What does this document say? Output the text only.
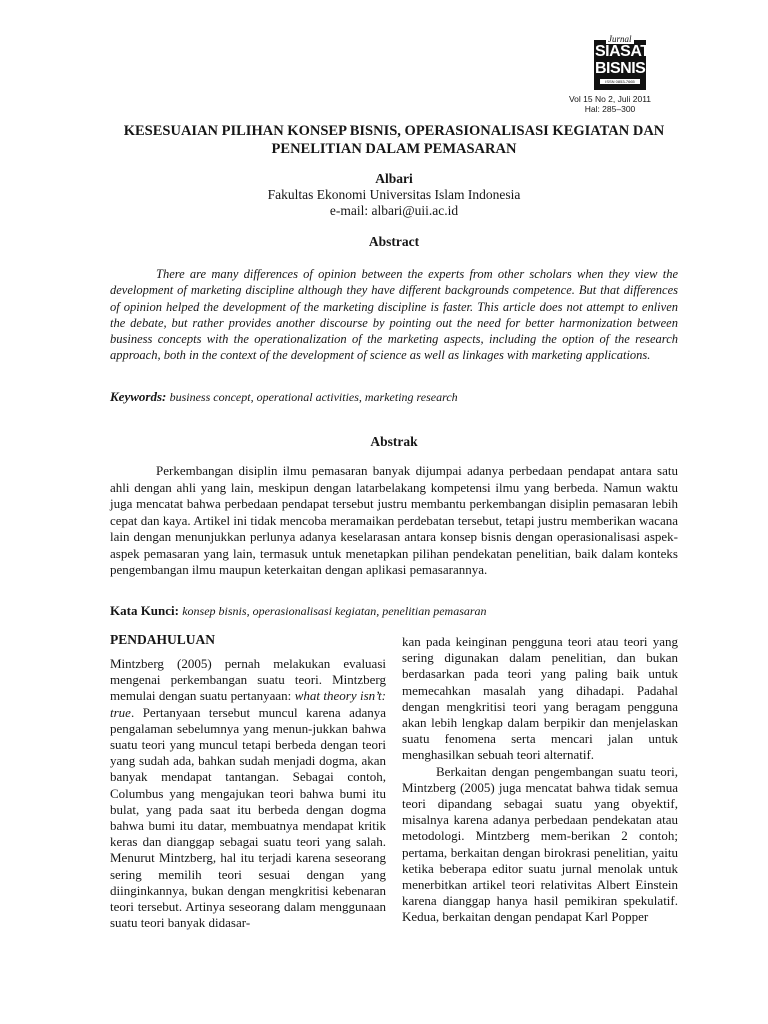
Jurnal
SIASAT
BISNIS
ISSN 0853-7665
Vol 15 No 2, Juli 2011
Hal: 285–300
KESESUAIAN PILIHAN KONSEP BISNIS, OPERASIONALISASI KEGIATAN DAN PENELITIAN DALAM PEMASARAN
Albari
Fakultas Ekonomi Universitas Islam Indonesia
e-mail: albari@uii.ac.id
Abstract

There are many differences of opinion between the experts from other scholars when they view the development of marketing discipline although they have different backgrounds competence. But that differences of opinion helped the development of the marketing discipline is faster. This article does not attempt to enliven the debate, but rather provides another discourse by pointing out the need for better harmonization between business concepts with the operationalization of the marketing aspects, including the option of the research approach, both in the context of the development of science as well as linkages with marketing applications.

Keywords: business concept, operational activities, marketing research
Abstrak

Perkembangan disiplin ilmu pemasaran banyak dijumpai adanya perbedaan pendapat antara satu ahli dengan ahli yang lain, meskipun dengan latarbelakang kompetensi ilmu yang berbeda. Namun waktu juga mencatat bahwa perbedaan pendapat tersebut justru membantu perkembangan disiplin pemasaran lebih cepat dan kaya. Artikel ini tidak mencoba meramaikan perdebatan tersebut, tetapi justru memberikan wacana lain dengan menunjukkan perlunya adanya keselarasan antara konsep bisnis dengan operasionalisasi aspek-aspek pemasaran yang lain, termasuk untuk menetapkan pilihan pendekatan penelitian, baik dalam konteks pengembangan ilmu maupun keterkaitan dengan aplikasi pemasarannya.

Kata Kunci: konsep bisnis, operasionalisasi kegiatan, penelitian pemasaran
PENDAHULUAN

Mintzberg (2005) pernah melakukan evaluasi mengenai perkembangan suatu teori. Mintzberg memulai dengan suatu pertanyaan: what theory isn’t: true. Pertanyaan tersebut muncul karena adanya pengalaman sebelumnya yang menun-jukkan bahwa suatu teori yang muncul tetapi berbeda dengan teori yang sudah ada, bahkan sudah menjadi dogma, akan banyak mendapat tantangan. Sebagai contoh, Columbus yang mengajukan teori bahwa bumi itu bulat, yang pada saat itu berbeda dengan dogma bahwa bumi itu datar, membuatnya mendapat kritik keras dan dianggap sebagai suatu teori yang salah. Menurut Mintzberg, hal itu terjadi karena seseorang sering memilih teori sesuai dengan yang diinginkannya, bukan dengan mengkritisi kebenaran teori tersebut. Artinya seseorang dalam menggunaan suatu teori banyak didasar-

kan pada keinginan pengguna teori atau teori yang sering digunakan dalam penelitian, dan bukan berdasarkan pada teori yang paling baik untuk memecahkan masalah yang dihadapi. Padahal dengan mengkritisi teori yang beragam pengguna akan lebih lengkap dalam berpikir dan menjelaskan suatu fenomena serta mencari jalan untuk menghasilkan sebuah teori alternatif.
Berkaitan dengan pengembangan suatu teori, Mintzberg (2005) juga mencatat bahwa tidak semua teori dipandang sebagai suatu yang obyektif, misalnya karena adanya perbedaan pendekatan atau metodologi. Mintzberg mem-berikan 2 contoh; pertama, berkaitan dengan birokrasi penelitian, yaitu ketika beberapa editor suatu jurnal menolak untuk menerbitkan artikel teori relativitas Albert Einstein karena dianggap hanya hasil pemikiran spekulatif. Kedua, berkaitan dengan pendapat Karl Popper
